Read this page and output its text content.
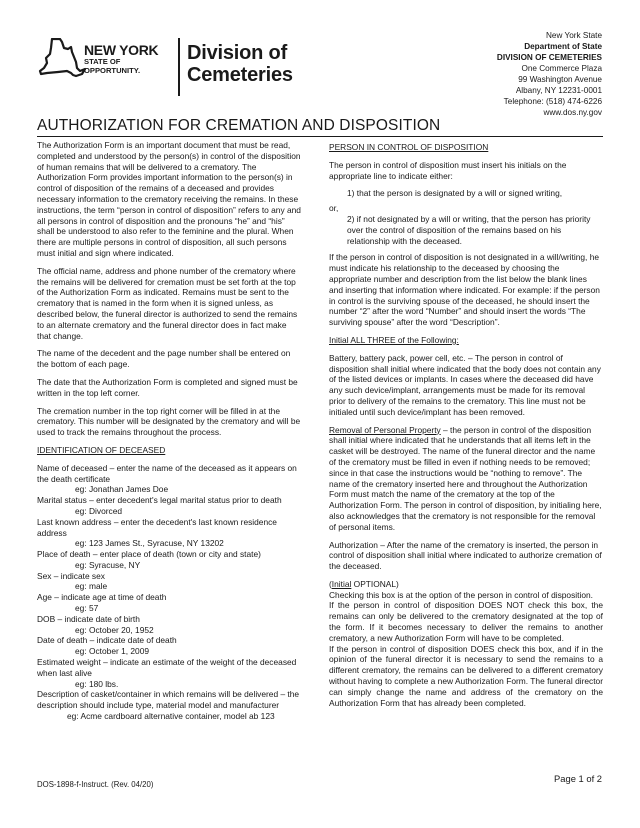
NEW YORK
STATE OF
OPPORTUNITY.
Division of
Cemeteries
New York State
Department of State
DIVISION OF CEMETERIES
One Commerce Plaza
99 Washington Avenue
Albany, NY 12231-0001
Telephone: (518) 474-6226
www.dos.ny.gov
AUTHORIZATION FOR CREMATION AND DISPOSITION

The Authorization Form is an important document that must be read, completed and understood by the person(s) in control of the disposition of human remains that will be delivered to a crematory. The Authorization Form provides important information to the person(s) in control of disposition of the remains of a deceased and provides necessary information to the crematory receiving the remains. In these instructions, the term “person in control of disposition” refers to any and all persons in control of disposition and the pronouns “he” and “his” shall be understood to also refer to the feminine and the plural. When there are multiple persons in control of disposition, all such persons must initial and sign where indicated.

The official name, address and phone number of the crematory where the remains will be delivered for cremation must be set forth at the top of the Authorization Form as indicated. Remains must be sent to the crematory that is named in the form when it is signed unless, as described below, the funeral director is authorized to send the remains to an alternate crematory and the funeral director does in fact make that change.

The name of the decedent and the page number shall be entered on the bottom of each page.

The date that the Authorization Form is completed and signed must be written in the top left corner.

The cremation number in the top right corner will be filled in at the crematory. This number will be designated by the crematory and will be used to track the remains throughout the process.

IDENTIFICATION OF DECEASED

Name of deceased – enter the name of the deceased as it appears on the death certificate
eg: Jonathan James Doe
Marital status – enter decedent's legal marital status prior to death
eg: Divorced
Last known address – enter the decedent's last known residence address
eg: 123 James St., Syracuse, NY 13202
Place of death – enter place of death (town or city and state)
eg: Syracuse, NY
Sex – indicate sex
eg: male
Age – indicate age at time of death
eg: 57
DOB – indicate date of birth
eg: October 20, 1952
Date of death – indicate date of death
eg: October 1, 2009
Estimated weight – indicate an estimate of the weight of the deceased when last alive
eg: 180 lbs.
Description of casket/container in which remains will be delivered – the description should include type, material model and manufacturer
eg: Acme cardboard alternative container, model ab 123

PERSON IN CONTROL OF DISPOSITION

The person in control of disposition must insert his initials on the appropriate line to indicate either:

1) that the person is designated by a will or signed writing,
or,
2) if not designated by a will or writing, that the person has priority over the control of disposition of the remains based on his relationship with the deceased.

If the person in control of disposition is not designated in a will/writing, he must indicate his relationship to the deceased by choosing the appropriate number and description from the list below the blank lines and inserting that information where indicated. For example: if the person in control is the surviving spouse of the deceased, he should insert the number “2” after the word “Number” and should insert the words “The surviving spouse” after the word “Description”.

Initial ALL THREE of the Following:

Battery, battery pack, power cell, etc. – The person in control of disposition shall initial where indicated that the body does not contain any of the listed devices or implants. In cases where the deceased did have any such device/implant, arrangements must be made for its removal prior to delivery of the remains to the crematory. This line must not be initialed until such device/implant has been removed.

Removal of Personal Property – the person in control of the disposition shall initial where indicated that he understands that all items left in the casket will be destroyed. The name of the funeral director and the name of the crematory must be filled in even if nothing needs to be removed; since in that case the instructions would be “nothing to remove”. The name of the crematory inserted here and throughout the Authorization Form must match the name of the crematory at the top of the Authorization Form. The person in control of disposition, by initialing here, also acknowledges that the crematory is not responsible for the removal of personal items.

Authorization – After the name of the crematory is inserted, the person in control of disposition shall initial where indicated to authorize cremation of the deceased.

(Initial OPTIONAL)
Checking this box is at the option of the person in control of disposition.
If the person in control of disposition DOES NOT check this box, the remains can only be delivered to the crematory designated at the top of the form. If it becomes necessary to deliver the remains to another crematory, a new Authorization Form will have to be completed.
If the person in control of disposition DOES check this box, and if in the opinion of the funeral director it is necessary to send the remains to a different crematory, the remains can be delivered to a different crematory without having to complete a new Authorization Form. The funeral director can simply change the name and address of the crematory on the Authorization Form that has already been completed.
DOS-1898-f-Instruct. (Rev. 04/20)
Page 1 of 2
